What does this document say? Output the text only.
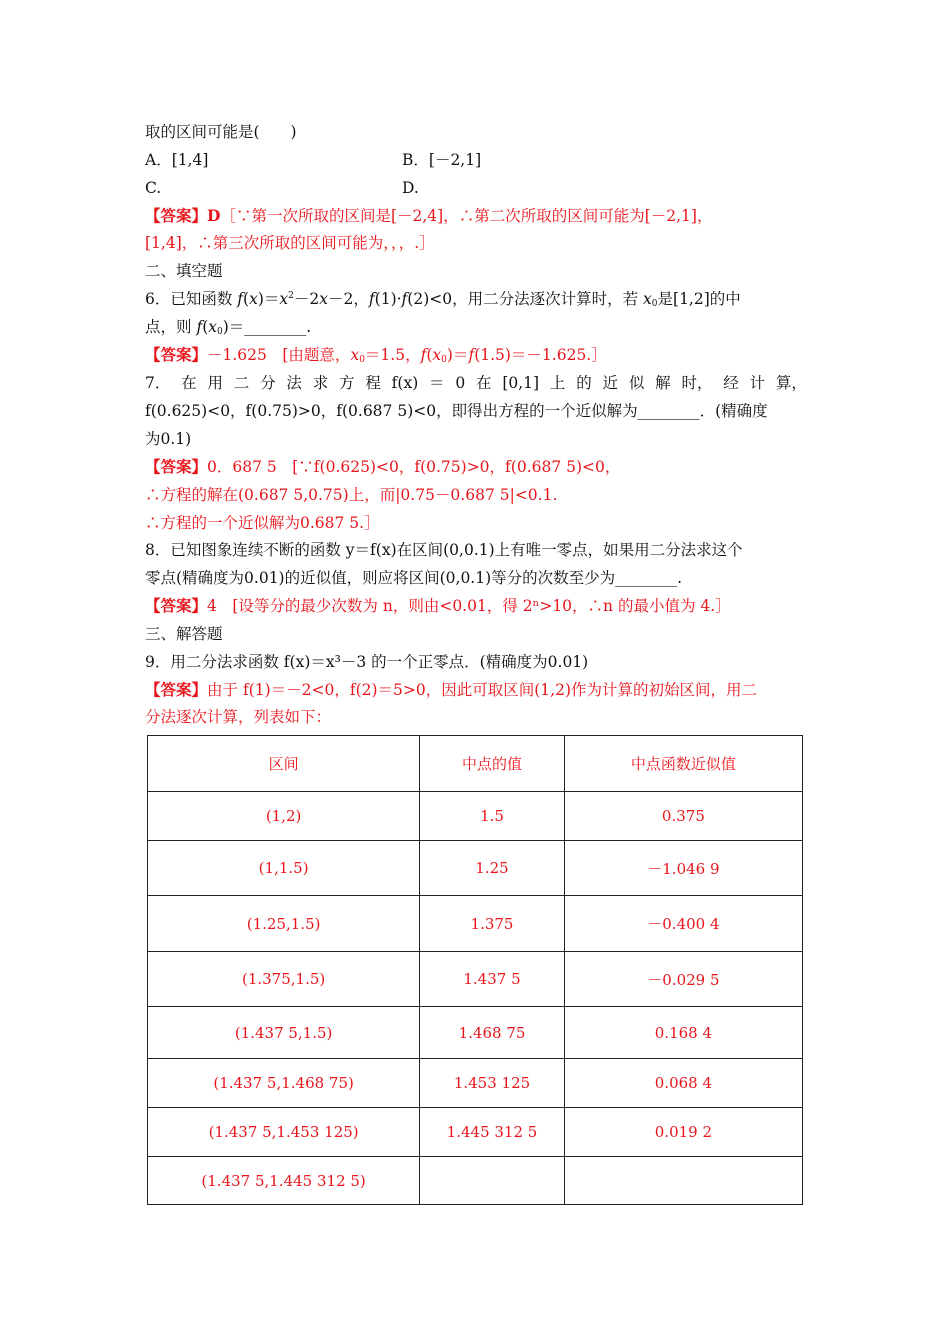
取的区间可能是(　　)
A．[1,4]	B．[－2,1]
C.	D.
【答案】D［∵第一次所取的区间是[－2,4]，∴第二次所取的区间可能为[－2,1]，
[1,4]，∴第三次所取的区间可能为，，，.］
二、填空题
6．已知函数 $f(x)=x^2-2x-2$，f(1)·f(2)<0，用二分法逐次计算时，若 $x_0$是[1,2]的中
点，则 $f(x_0)=\_\_\_\_\_\_\_\_$.
【答案】－1.625　[由题意，$x_0=1.5$，$f(x_0)=f(1.5)=-1.625.]$
7． 在 用 二 分 法 求 方 程 f(x) ＝ 0 在 [0,1] 上 的 近 似 解 时， 经 计 算，
f(0.625)<0，f(0.75)>0，f(0.687 5)<0，即得出方程的一个近似解为________．(精确度
为0.1)
【答案】0．687 5　[∵f(0.625)<0，f(0.75)>0，f(0.687 5)<0，
∴方程的解在(0.687 5,0.75)上，而|0.75－0.687 5|<0.1.
∴方程的一个近似解为0.687 5.］
8．已知图象连续不断的函数 y＝f(x)在区间(0,0.1)上有唯一零点，如果用二分法求这个
零点(精确度为0.01)的近似值，则应将区间(0,0.1)等分的次数至少为________.
【答案】4　[设等分的最少次数为 n，则由<0.01，得 2ⁿ>10，∴n 的最小值为 4.］
三、解答题
9．用二分法求函数 f(x)＝x³－3 的一个正零点．(精确度为0.01)
【答案】由于 f(1)＝－2<0，f(2)＝5>0，因此可取区间(1,2)作为计算的初始区间，用二
分法逐次计算，列表如下：
区间	中点的值	中点函数近似值
(1,2)	1.5	0.375
(1,1.5)	1.25	－1.046 9
(1.25,1.5)	1.375	－0.400 4
(1.375,1.5)	1.437 5	－0.029 5
(1.437 5,1.5)	1.468 75	0.168 4
(1.437 5,1.468 75)	1.453 125	0.068 4
(1.437 5,1.453 125)	1.445 312 5	0.019 2
(1.437 5,1.445 312 5)		
